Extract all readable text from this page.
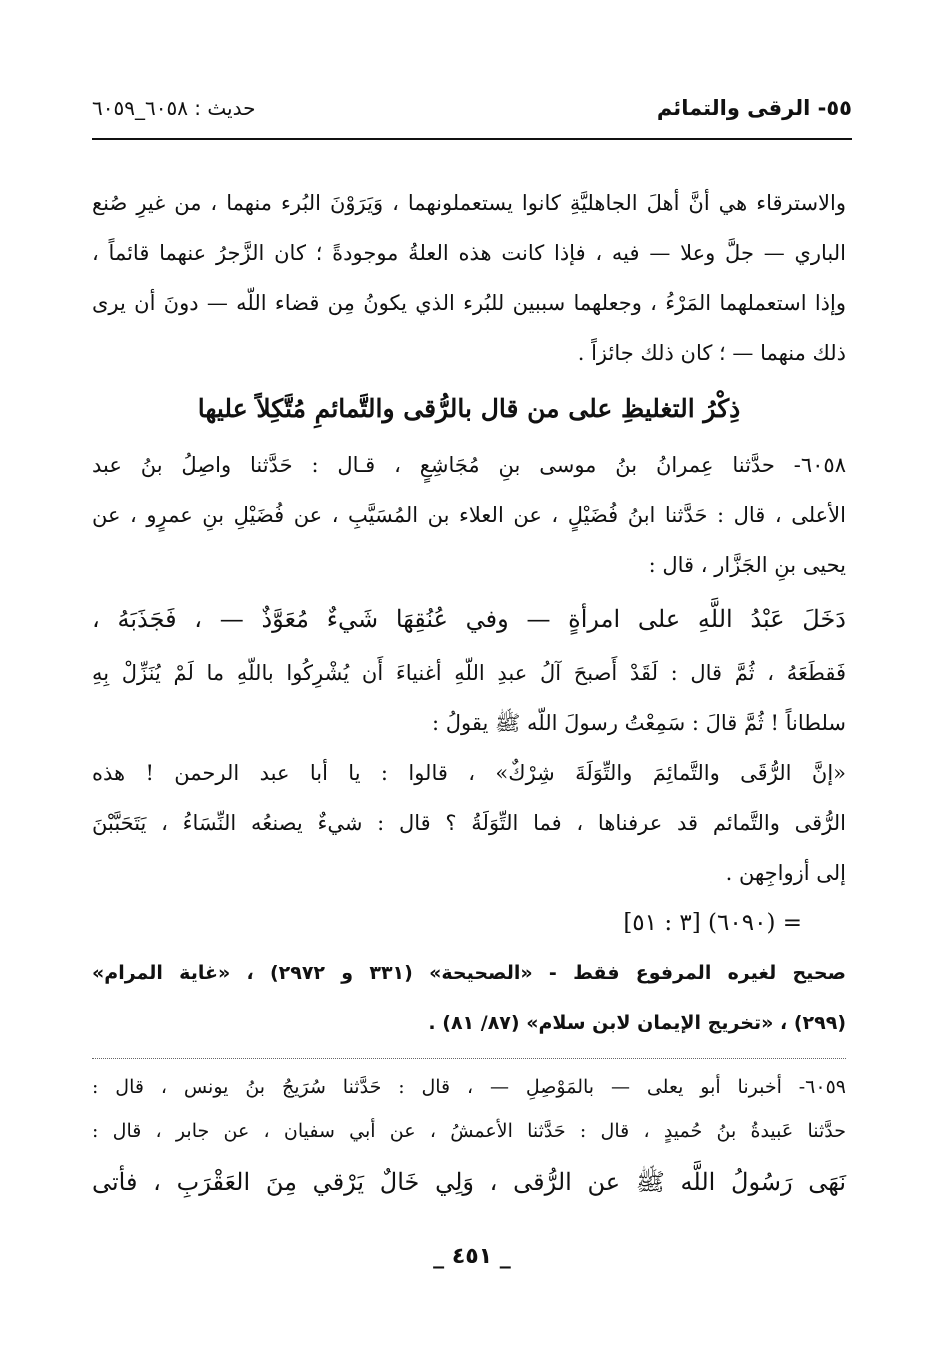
٥٥- الرقى والتمائم
حديث : ٦٠٥٨_٦٠٥٩
والاسترقاء هي أنَّ أهلَ الجاهليَّةِ كانوا يستعملونهما ، وَيَرَوْنَ البُرء منهما ، من غيرِ صُنع
الباري — جلَّ وعلا — فيه ، فإذا كانت هذه العلةُ موجودةً ؛ كان الزَّجرُ عنهما قائماً ،
وإذا استعملهما المَرْءُ ، وجعلهما سببين للبُرء الذي يكونُ مِن قضاء اللّه — دونَ أن يرى
ذلك منهما — ؛ كان ذلك جائزاً .
ذِكْرُ التغليظِ على من قال بالرُّقى والتَّمائمِ مُتَّكِلاً عليها
٦٠٥٨- حدَّثنا عِمرانُ بنُ موسى بنِ مُجَاشِعٍ ، قـال : حَدَّثنا واصِلُ بنُ عبد
الأعلى ، قال : حَدَّثنا ابنُ فُضَيْلٍ ، عن العلاء بن المُسَيَّبِ ، عن فُضَيْلِ بنِ عمرٍو ، عن
يحيى بنِ الجَزَّار ، قال :
دَخَلَ عَبْدُ اللَّهِ على امرأةٍ — وفي عُنُقِهَا شَيءٌ مُعَوَّذٌ — ، فَجَذَبَهُ ،
فَقطَعَهُ ، ثُمَّ قال : لَقَدْ أَصبحَ آلُ عبدِ اللّهِ أغنياءَ أَن يُشْرِكُوا باللّهِ ما لَمْ يُنَزِّلْ بِهِ
سلطاناً ! ثُمَّ قالَ : سَمِعْتُ رسولَ اللّه ﷺ يقولُ :
«إنَّ الرُّقَى والتَّمائِمَ والتِّوَلَةَ شِرْكٌ» ، قالوا : يا أبا عبد الرحمن ! هذه
الرُّقى والتَّمائم قد عرفناها ، فما التِّوَلَةُ ؟ قال : شيءٌ يصنعُه النِّسَاءُ ، يَتَحَبَّبْنَ
إلى أزواجِهن .
= (٦٠٩٠) [٣ : ٥١]
صحيح لغيره المرفوع فقط - «الصحيحة» (٣٣١ و ٢٩٧٢) ، «غاية المرام»
(٢٩٩) ، «تخريج الإيمان لابن سلام» (٨٧/ ٨١) .
٦٠٥٩- أخبرنا أبو يعلى — بالمَوْصِلِ — ، قال : حَدَّثنا سُرَيجُ بنُ يونس ، قال :
حدَّثنا عَبيدةُ بنُ حُميدٍ ، قال : حَدَّثنا الأعمشُ ، عن أبي سفيان ، عن جابر ، قال :
نَهَى رَسُولُ اللَّه ﷺ عن الرُّقى ، وَلِي خَالٌ يَرْقي مِنَ العَقْرَبِ ، فأتى
_ ٤٥١ _
